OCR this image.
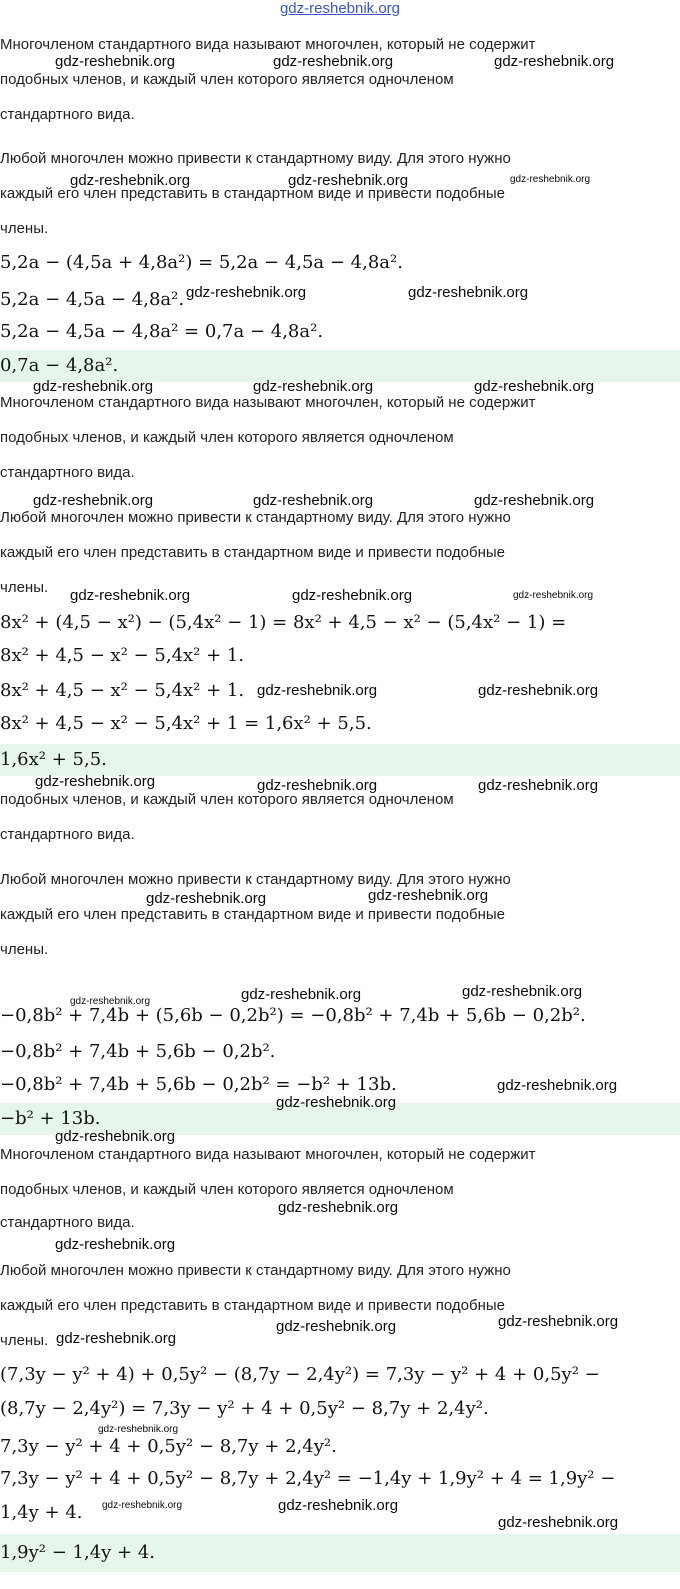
gdz-reshebnik.org
Многочленом стандартного вида называют многочлен, который не содержит
подобных членов, и каждый член которого является одночленом
стандартного вида.
Любой многочлен можно привести к стандартному виду. Для этого нужно
каждый его член представить в стандартном виде и привести подобные
члены.
5,2a − (4,5a + 4,8a²) = 5,2a − 4,5a − 4,8a².
5,2a − 4,5a − 4,8a².
5,2a − 4,5a − 4,8a² = 0,7a − 4,8a².
0,7a − 4,8a².
Многочленом стандартного вида называют многочлен, который не содержит
подобных членов, и каждый член которого является одночленом
стандартного вида.
Любой многочлен можно привести к стандартному виду. Для этого нужно
каждый его член представить в стандартном виде и привести подобные
члены.
8x² + (4,5 − x²) − (5,4x² − 1) = 8x² + 4,5 − x² − (5,4x² − 1) =
8x² + 4,5 − x² − 5,4x² + 1.
8x² + 4,5 − x² − 5,4x² + 1.
8x² + 4,5 − x² − 5,4x² + 1 = 1,6x² + 5,5.
1,6x² + 5,5.
подобных членов, и каждый член которого является одночленом
стандартного вида.
Любой многочлен можно привести к стандартному виду. Для этого нужно
каждый его член представить в стандартном виде и привести подобные
члены.
−0,8b² + 7,4b + (5,6b − 0,2b²) = −0,8b² + 7,4b + 5,6b − 0,2b².
−0,8b² + 7,4b + 5,6b − 0,2b².
−0,8b² + 7,4b + 5,6b − 0,2b² = −b² + 13b.
−b² + 13b.
Многочленом стандартного вида называют многочлен, который не содержит
подобных членов, и каждый член которого является одночленом
стандартного вида.
Любой многочлен можно привести к стандартному виду. Для этого нужно
каждый его член представить в стандартном виде и привести подобные
члены.
(7,3y − y² + 4) + 0,5y² − (8,7y − 2,4y²) = 7,3y − y² + 4 + 0,5y² −
(8,7y − 2,4y²) = 7,3y − y² + 4 + 0,5y² − 8,7y + 2,4y².
7,3y − y² + 4 + 0,5y² − 8,7y + 2,4y².
7,3y − y² + 4 + 0,5y² − 8,7y + 2,4y² = −1,4y + 1,9y² + 4 = 1,9y² −
1,4y + 4.
1,9y² − 1,4y + 4.
gdz-reshebnik.org	gdz-reshebnik.org	gdz-reshebnik.org
gdz-reshebnik.org	gdz-reshebnik.org	gdz-reshebnik.org
gdz-reshebnik.org	gdz-reshebnik.org
gdz-reshebnik.org	gdz-reshebnik.org	gdz-reshebnik.org
gdz-reshebnik.org	gdz-reshebnik.org	gdz-reshebnik.org
gdz-reshebnik.org	gdz-reshebnik.org	gdz-reshebnik.org
gdz-reshebnik.org	gdz-reshebnik.org
gdz-reshebnik.org	gdz-reshebnik.org	gdz-reshebnik.org
gdz-reshebnik.org	gdz-reshebnik.org
gdz-reshebnik.org	gdz-reshebnik.org	gdz-reshebnik.org
gdz-reshebnik.org
gdz-reshebnik.org
gdz-reshebnik.org
gdz-reshebnik.org
gdz-reshebnik.org
gdz-reshebnik.org
gdz-reshebnik.org	gdz-reshebnik.org
gdz-reshebnik.org
gdz-reshebnik.org	gdz-reshebnik.org
gdz-reshebnik.org
